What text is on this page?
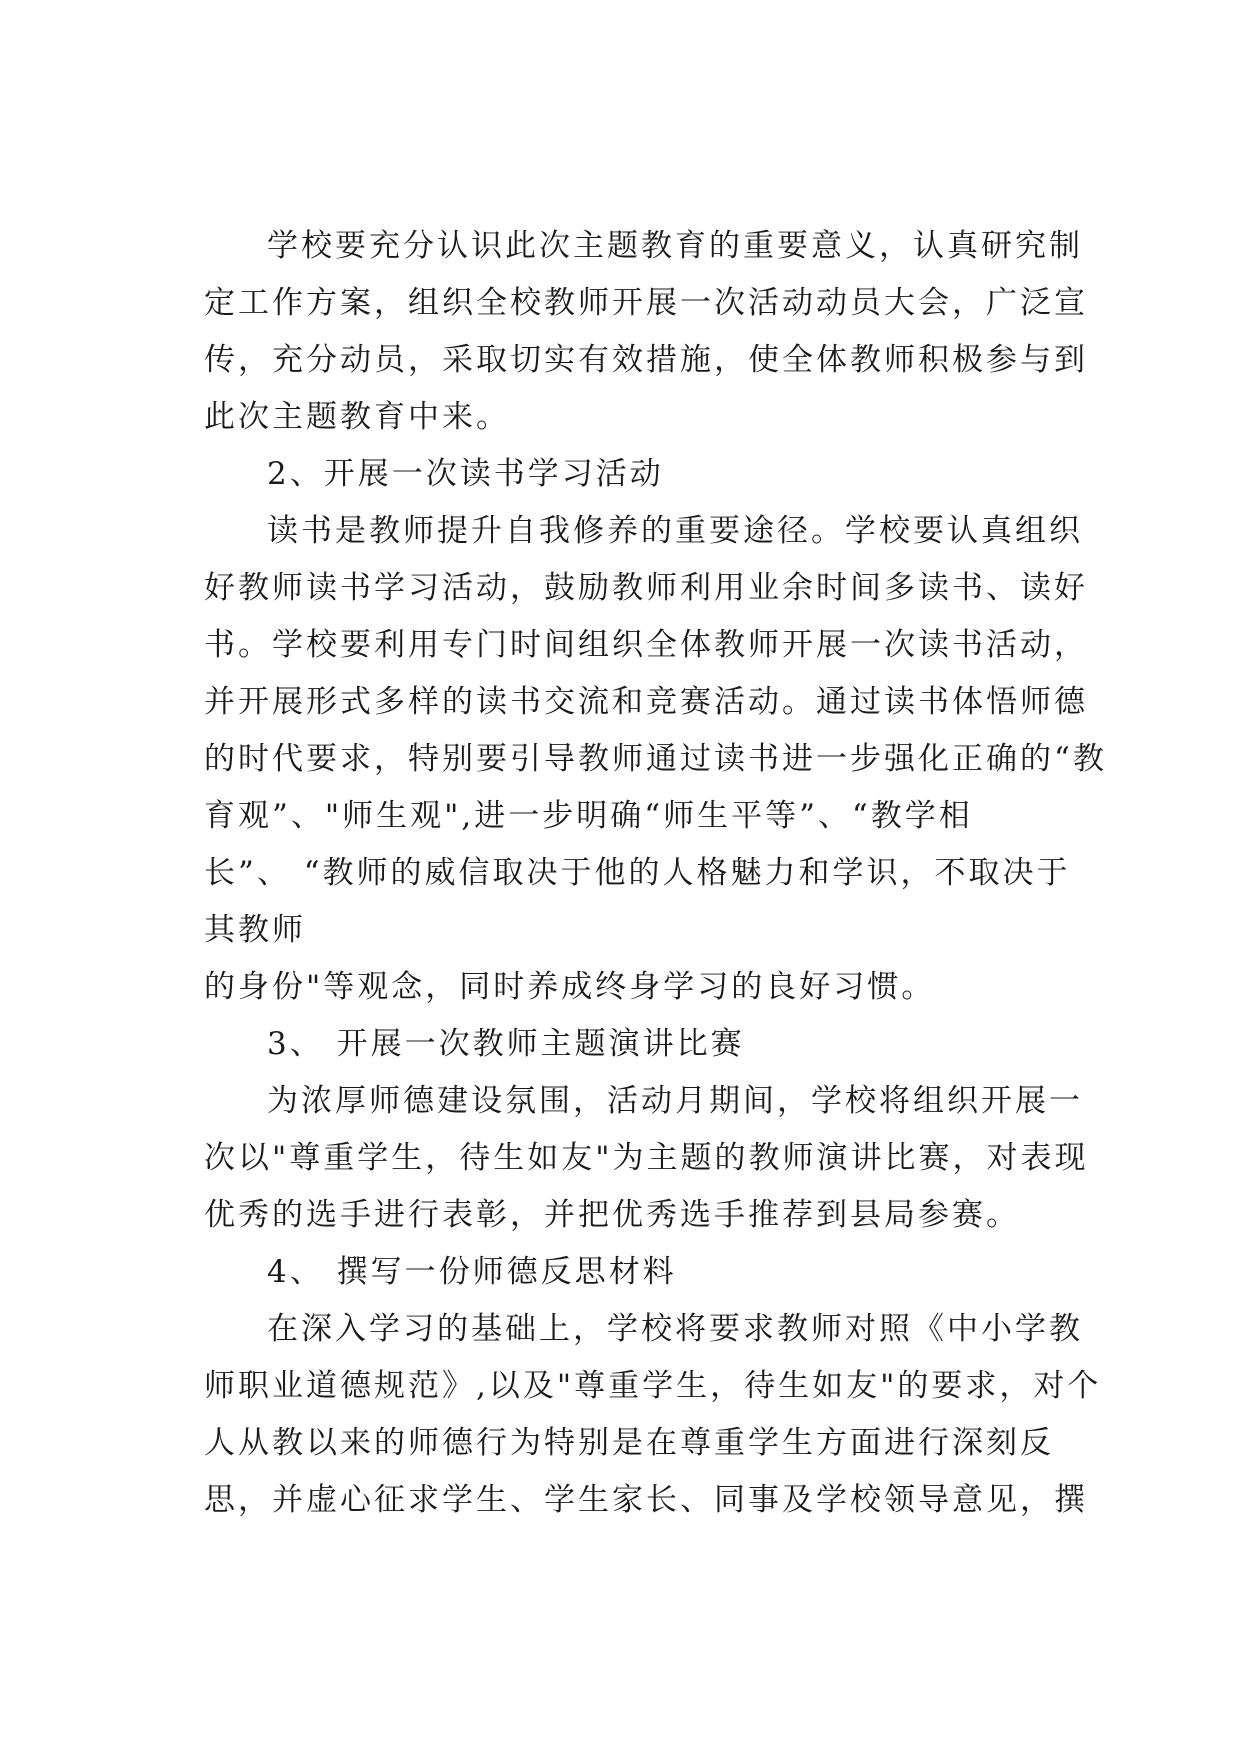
学校要充分认识此次主题教育的重要意义，认真研究制
定工作方案，组织全校教师开展一次活动动员大会，广泛宣
传，充分动员，采取切实有效措施，使全体教师积极参与到
此次主题教育中来。
2、开展一次读书学习活动
读书是教师提升自我修养的重要途径。学校要认真组织
好教师读书学习活动，鼓励教师利用业余时间多读书、读好
书。学校要利用专门时间组织全体教师开展一次读书活动，
并开展形式多样的读书交流和竞赛活动。通过读书体悟师德
的时代要求，特别要引导教师通过读书进一步强化正确的“教
育观”、"师生观",进一步明确“师生平等”、“教学相
长”、 “教师的威信取决于他的人格魅力和学识，不取决于
其教师
的身份"等观念，同时养成终身学习的良好习惯。
3、 开展一次教师主题演讲比赛
为浓厚师德建设氛围，活动月期间，学校将组织开展一
次以"尊重学生，待生如友"为主题的教师演讲比赛，对表现
优秀的选手进行表彰，并把优秀选手推荐到县局参赛。
4、 撰写一份师德反思材料
在深入学习的基础上，学校将要求教师对照《中小学教
师职业道德规范》,以及"尊重学生，待生如友"的要求，对个
人从教以来的师德行为特别是在尊重学生方面进行深刻反
思，并虚心征求学生、学生家长、同事及学校领导意见，撰
